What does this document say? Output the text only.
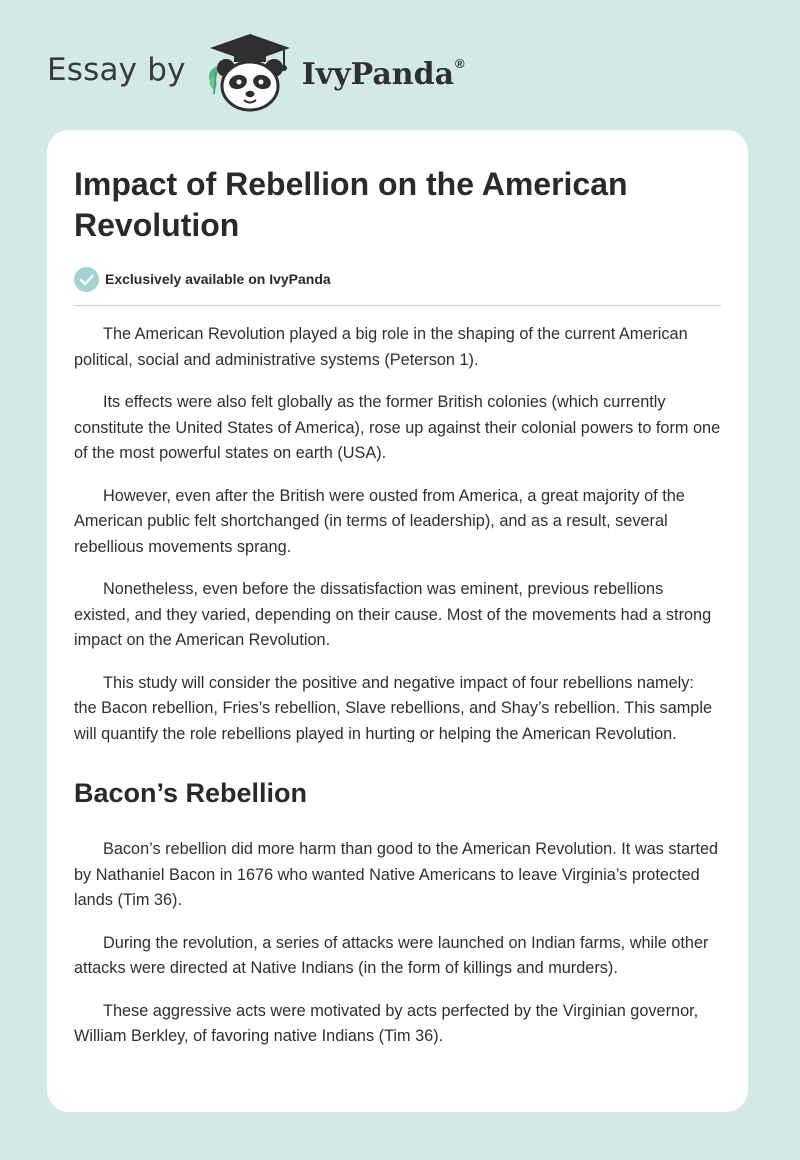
Essay by	IvyPanda®
Impact of Rebellion on the American Revolution
Exclusively available on IvyPanda

The American Revolution played a big role in the shaping of the current American political, social and administrative systems (Peterson 1).

Its effects were also felt globally as the former British colonies (which currently constitute the United States of America), rose up against their colonial powers to form one of the most powerful states on earth (USA).

However, even after the British were ousted from America, a great majority of the American public felt shortchanged (in terms of leadership), and as a result, several rebellious movements sprang.

Nonetheless, even before the dissatisfaction was eminent, previous rebellions existed, and they varied, depending on their cause. Most of the movements had a strong impact on the American Revolution.

This study will consider the positive and negative impact of four rebellions namely: the Bacon rebellion, Fries’s rebellion, Slave rebellions, and Shay’s rebellion. This sample will quantify the role rebellions played in hurting or helping the American Revolution.

Bacon’s Rebellion

Bacon’s rebellion did more harm than good to the American Revolution. It was started by Nathaniel Bacon in 1676 who wanted Native Americans to leave Virginia’s protected lands (Tim 36).

During the revolution, a series of attacks were launched on Indian farms, while other attacks were directed at Native Indians (in the form of killings and murders).

These aggressive acts were motivated by acts perfected by the Virginian governor, William Berkley, of favoring native Indians (Tim 36).
